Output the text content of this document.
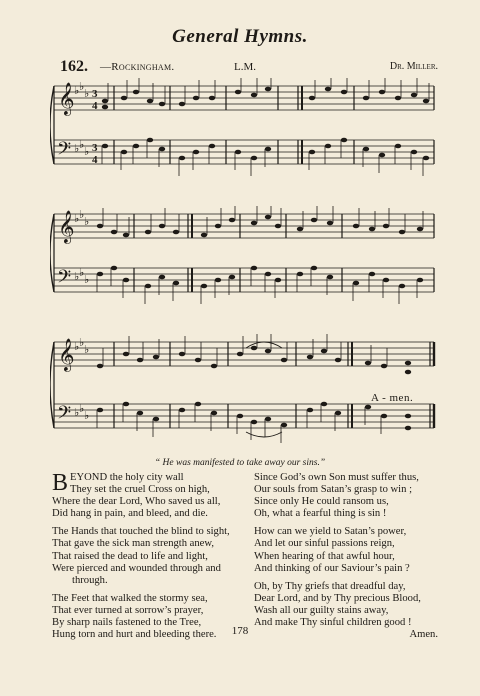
General Hymns.
162. —Rockingham.	L.M.	Dr. Miller.
𝄞
𝄢
♭ ♭
♭
♭ ♭
♭
3
4
3
4
𝄞
𝄢
♭ ♭
♭
♭ ♭
♭
𝄞
𝄢
♭ ♭
♭
♭ ♭
♭
A - men.
“ He was manifested to take away our sins.”
B EYOND the holy city wall
They set the cruel Cross on high,
Where the dear Lord, Who saved us all,
Did hang in pain, and bleed, and die.
The Hands that touched the blind to sight,
That gave the sick man strength anew,
That raised the dead to life and light,
Were pierced and wounded through and
through.
The Feet that walked the stormy sea,
That ever turned at sorrow’s prayer,
By sharp nails fastened to the Tree,
Hung torn and hurt and bleeding there.
Since God’s own Son must suffer thus,
Our souls from Satan’s grasp to win ;
Since only He could ransom us,
Oh, what a fearful thing is sin !
How can we yield to Satan’s power,
And let our sinful passions reign,
When hearing of that awful hour,
And thinking of our Saviour’s pain ?
Oh, by Thy griefs that dreadful day,
Dear Lord, and by Thy precious Blood,
Wash all our guilty stains away,
And make Thy sinful children good !
Amen.
178
